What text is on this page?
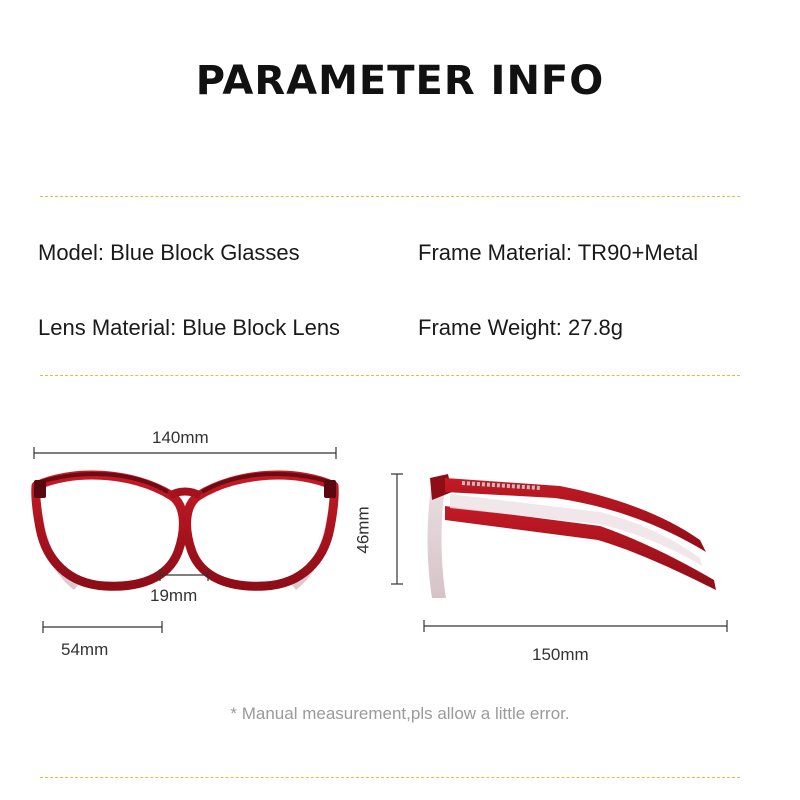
PARAMETER INFO
Model: Blue Block Glasses	Frame Material: TR90+Metal
Lens Material: Blue Block Lens	Frame Weight: 27.8g
140mm
19mm
54mm
46mm
150mm
* Manual measurement,pls allow a little error.
